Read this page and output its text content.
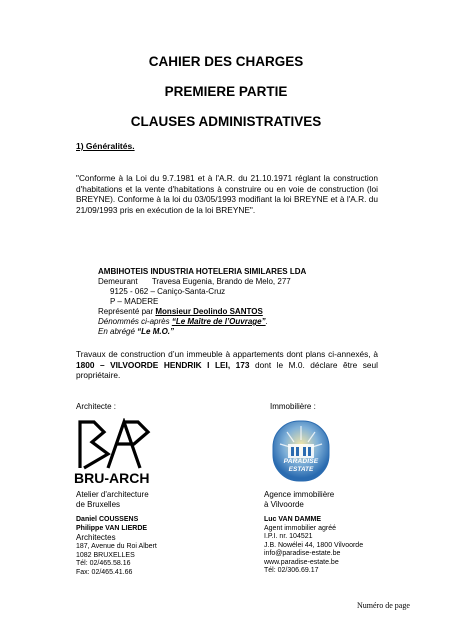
CAHIER DES CHARGES
PREMIERE PARTIE
CLAUSES ADMINISTRATIVES
1) Généralités.
"Conforme à la Loi du 9.7.1981 et à l'A.R. du 21.10.1971 réglant la construction d'habitations et la vente d'habitations à construire ou en voie de construction (loi BREYNE). Conforme à la loi du 03/05/1993 modifiant la loi BREYNE et à l'A.R. du 21/09/1993 pris en exécution de la loi BREYNE".
AMBIHOTEIS INDUSTRIA HOTELERIA SIMILARES LDA
Demeurant Travesa Eugenia, Brando de Melo, 277
9125 - 062 – Caniço-Santa-Cruz
P – MADERE
Représenté par Monsieur Deolindo SANTOS
Dénommés ci-après “Le Maître de l’Ouvrage”.
En abrégé “Le M.O.”
Travaux de construction d’un immeuble à appartements dont plans ci-annexés, à 1800 – VILVOORDE HENDRIK I LEI, 173 dont le M.0. déclare être seul propriétaire.
Architecte :
BRU-ARCH
Atelier d'architecture
de Bruxelles
Daniel COUSSENS
Philippe VAN LIERDE
Architectes
187, Avenue du Roi Albert
1082 BRUXELLES
Tél: 02/465.58.16
Fax: 02/465.41.66
Immobilière :
PARADISE
ESTATE
Agence immobilière
à Vilvoorde
Luc VAN DAMME
Agent immobilier agréé
I.P.I. nr. 104521
J.B. Nowélei 44, 1800 Vilvoorde
info@paradise-estate.be
www.paradise-estate.be
Tél: 02/306.69.17
Numéro de page
